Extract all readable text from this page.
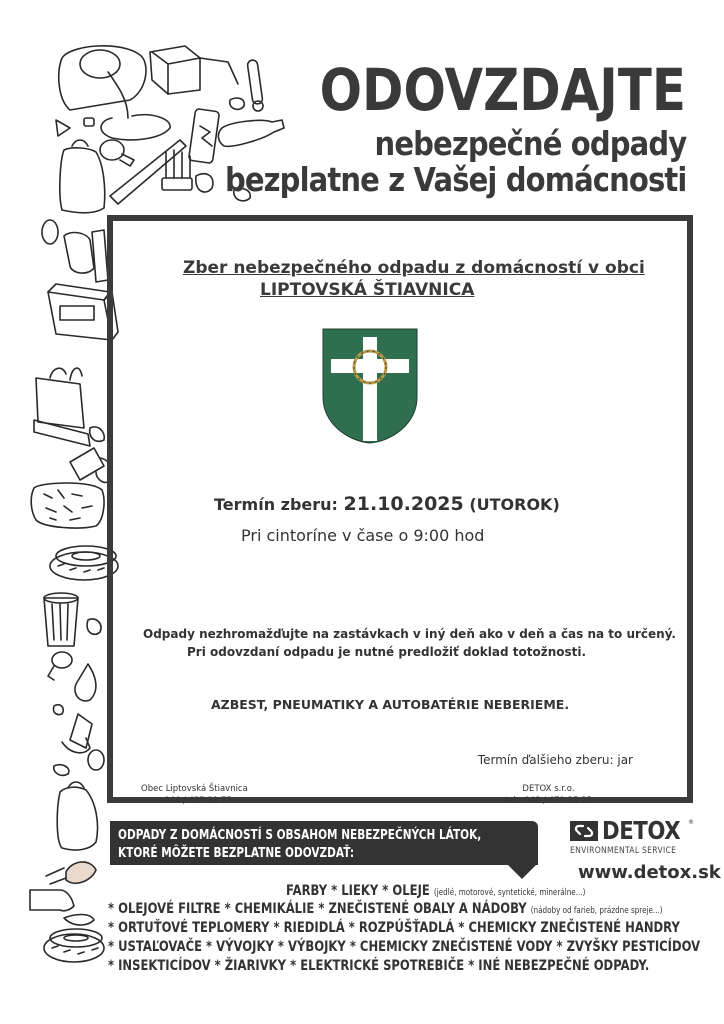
ODOVZDAJTE
nebezpečné odpady
bezplatne z Vašej domácnosti
Zber nebezpečného odpadu z domácností v obci
LIPTOVSKÁ ŠTIAVNICA
Termín zberu: 21.10.2025 (UTOROK)
Pri cintoríne v čase o 9:00 hod
Odpady nezhromažďujte na zastávkach v iný deň ako v deň a čas na to určený.
Pri odovzdaní odpadu je nutné predložiť doklad totožnosti.
AZBEST, PNEUMATIKY A AUTOBATÉRIE NEBERIEME.
Termín ďalšieho zberu: jar
Obec Liptovská Štiavnica
+044 / 435 21 75
DETOX s.r.o.
tel.: 048 / 471 25 25
ODPADY Z DOMÁCNOSTÍ S OBSAHOM NEBEZPEČNÝCH LÁTOK,
KTORÉ MÔŽETE BEZPLATNE ODOVZDAŤ:
DETOX ®
ENVIRONMENTAL SERVICE
www.detox.sk
FARBY * LIEKY * OLEJE (jedlé, motorové, syntetické, minerálne...)
* OLEJOVÉ FILTRE * CHEMIKÁLIE * ZNEČISTENÉ OBALY A NÁDOBY (nádoby od farieb, prázdne spreje...)
* ORTUŤOVÉ TEPLOMERY * RIEDIDLÁ * ROZPÚŠŤADLÁ * CHEMICKY ZNEČISTENÉ HANDRY
* USTAĽOVAČE * VÝVOJKY * VÝBOJKY * CHEMICKY ZNEČISTENÉ VODY * ZVYŠKY PESTICÍDOV
* INSEKTICÍDOV * ŽIARIVKY * ELEKTRICKÉ SPOTREBIČE * INÉ NEBEZPEČNÉ ODPADY.
